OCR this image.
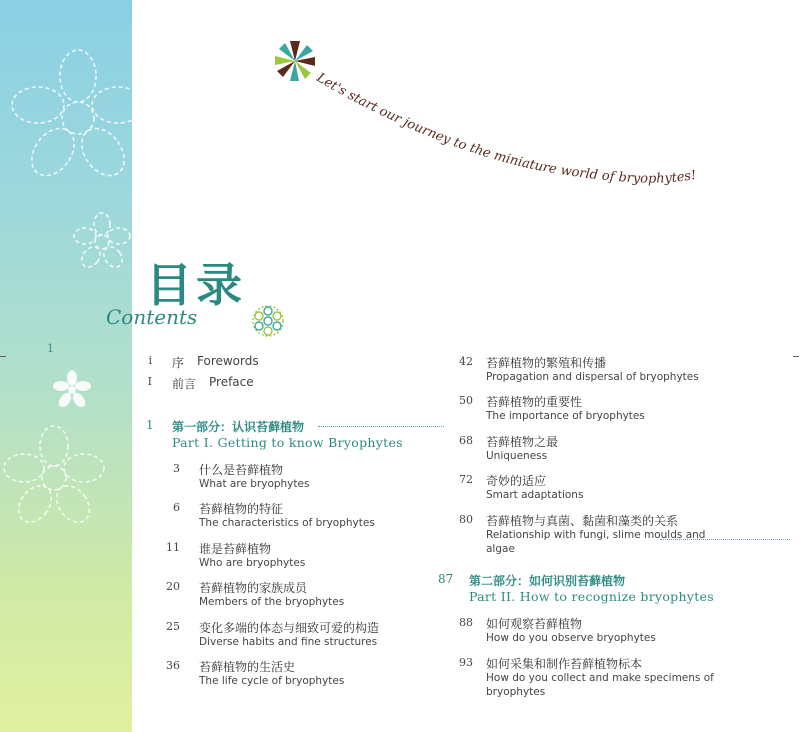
1
Let's start our journey to the miniature world of bryophytes!
目录
Contents
i 序 Forewords
I 前言 Preface
1 第一部分：认识苔藓植物
Part I. Getting to know Bryophytes
3 什么是苔藓植物
What are bryophytes
6 苔藓植物的特征
The characteristics of bryophytes
11 谁是苔藓植物
Who are bryophytes
20 苔藓植物的家族成员
Members of the bryophytes
25 变化多端的体态与细致可爱的构造
Diverse habits and fine structures
36 苔藓植物的生活史
The life cycle of bryophytes
42 苔藓植物的繁殖和传播
Propagation and dispersal of bryophytes
50 苔藓植物的重要性
The importance of bryophytes
68 苔藓植物之最
Uniqueness
72 奇妙的适应
Smart adaptations
80 苔藓植物与真菌、黏菌和藻类的关系
Relationship with fungi, slime moulds and
algae
87 第二部分：如何识别苔藓植物
Part II. How to recognize bryophytes
88 如何观察苔藓植物
How do you observe bryophytes
93 如何采集和制作苔藓植物标本
How do you collect and make specimens of
bryophytes
